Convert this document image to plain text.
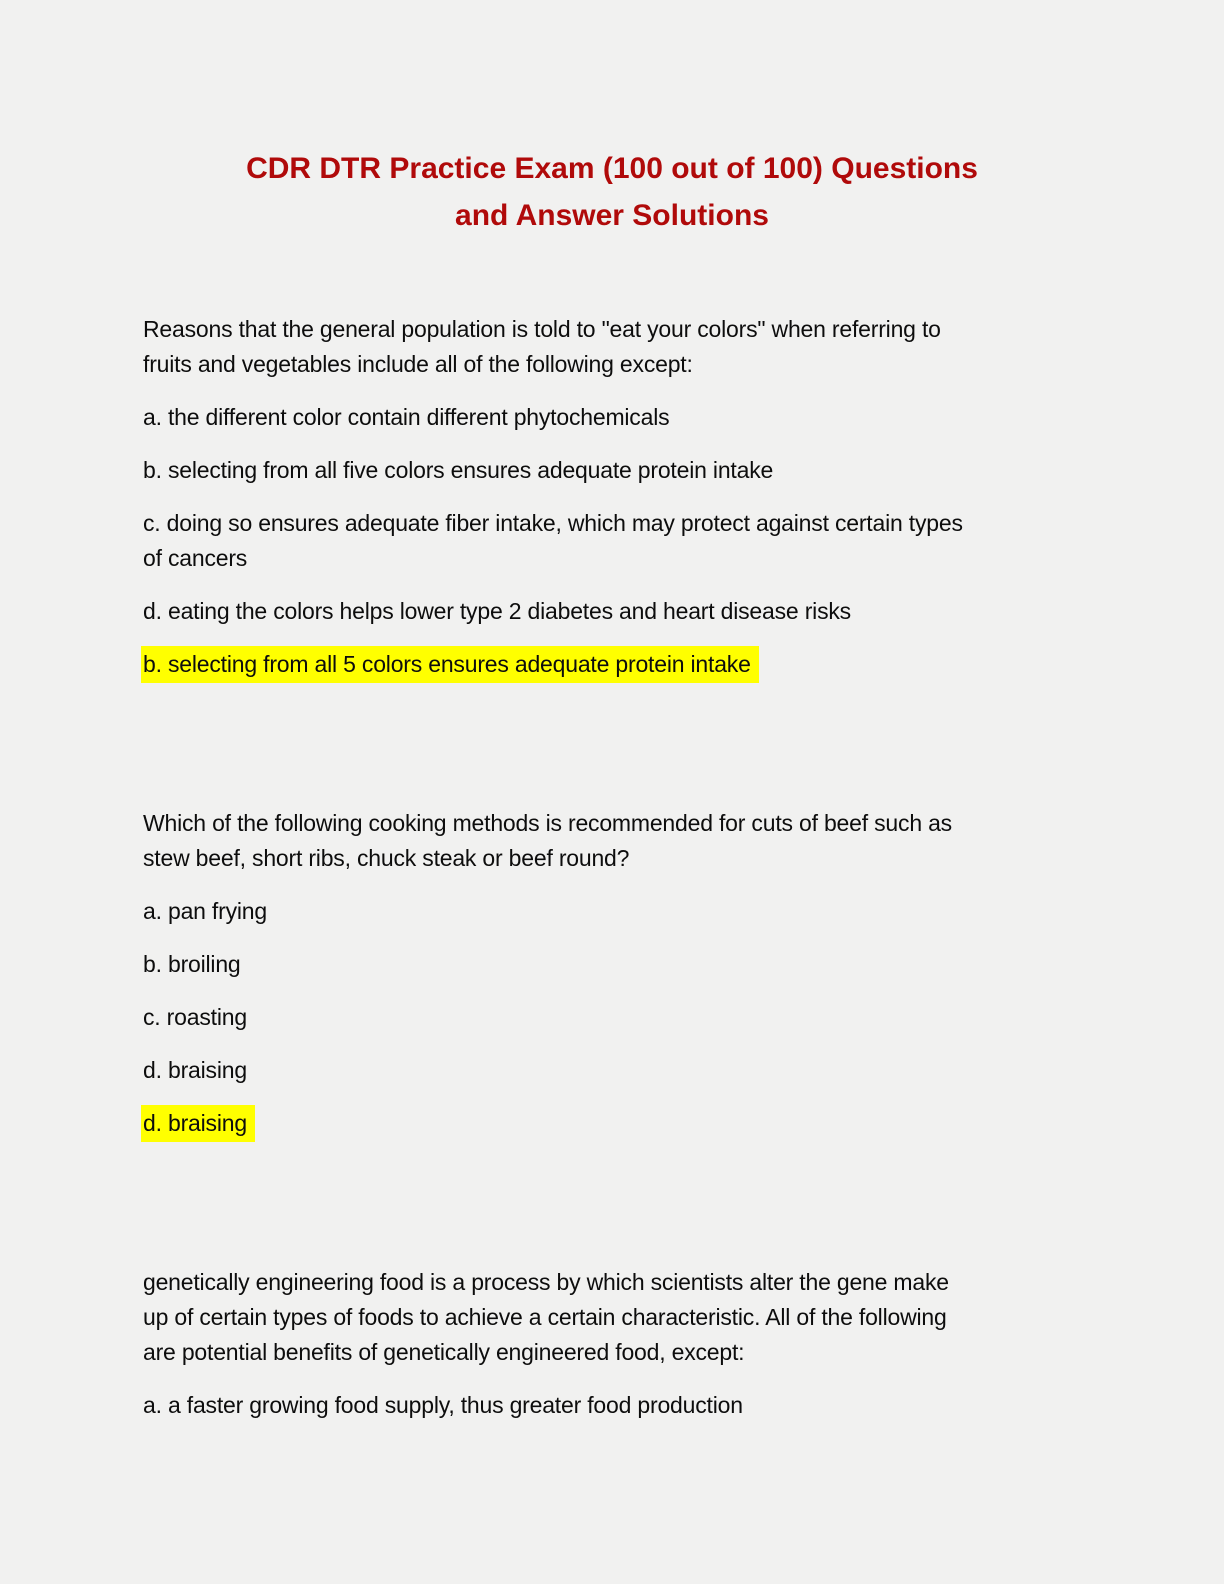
CDR DTR Practice Exam (100 out of 100) Questions
and Answer Solutions
Reasons that the general population is told to "eat your colors" when referring to
fruits and vegetables include all of the following except:
a. the different color contain different phytochemicals
b. selecting from all five colors ensures adequate protein intake
c. doing so ensures adequate fiber intake, which may protect against certain types
of cancers
d. eating the colors helps lower type 2 diabetes and heart disease risks
b. selecting from all 5 colors ensures adequate protein intake
Which of the following cooking methods is recommended for cuts of beef such as
stew beef, short ribs, chuck steak or beef round?
a. pan frying
b. broiling
c. roasting
d. braising
d. braising
genetically engineering food is a process by which scientists alter the gene make
up of certain types of foods to achieve a certain characteristic. All of the following
are potential benefits of genetically engineered food, except:
a. a faster growing food supply, thus greater food production
